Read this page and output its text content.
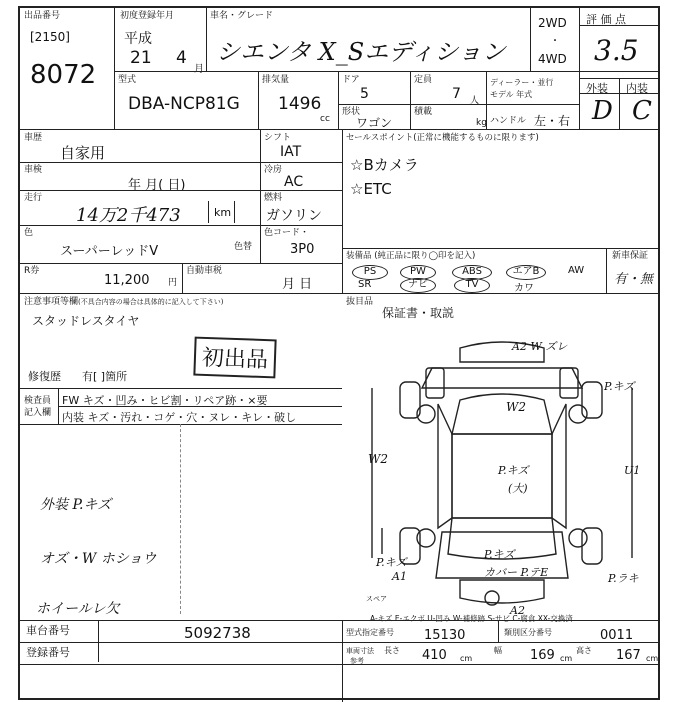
出品番号
[2150]
8072
初度登録年月
平成
21 4
月
車名・グレード
シエンタ X_Sエディション
2WD
・
4WD
評 価 点
3.5
型式
DBA-NCP81G
排気量
1496
cc
ドア
5
定員
7 人
ディーラー・並行
モデル 年式
形状
ワゴン
積載
kg ハンドル 左・右
外装 内装
D C
車歴
自家用
車検
年 月( 日)
走行
14万2千473	km
色
スーパーレッドV	色替
R券
11,200 円
自動車税
月 日
シフト
IAT
冷房
AC
燃料
ガソリン
色コード・
3P0
セールスポイント(正常に機能するものに限ります)
☆Bカメラ
☆ETC
装備品 (純正品に限り◯印を記入)	新車保証
PS	PW	ABS	エアB	AW
SR	ナビ	TV	カワ
有・無
抜目品
保証書・取説
注意事項等欄 (不具合内容の場合は具体的に記入して下さい)
スタッドレスタイヤ
初出品
修復歴 有[ ]箇所
検査員
記入欄
FW キズ・凹み・ヒビ割・リペア跡・×要
内装 キズ・汚れ・コゲ・穴・ヌレ・キレ・破し
外装 P.キズ
オズ・W ホショウ
ホイールレ欠
A2 W ズレ
P.キズ
W2
W2
P.キズ
(大)
U1
P.キズ
P.キズ
カバー P.テE	P.ラキ
A1
A2
スペア
A-キズ E-エクボ U-凹み W-補修跡 S-サビ C-腐食 XX-交換済
車台番号	5092738
登録番号
型式指定番号 15130	類別区分番号	0011
車両寸法
参考
長さ 410 cm
幅 169 cm
高さ 167 cm
